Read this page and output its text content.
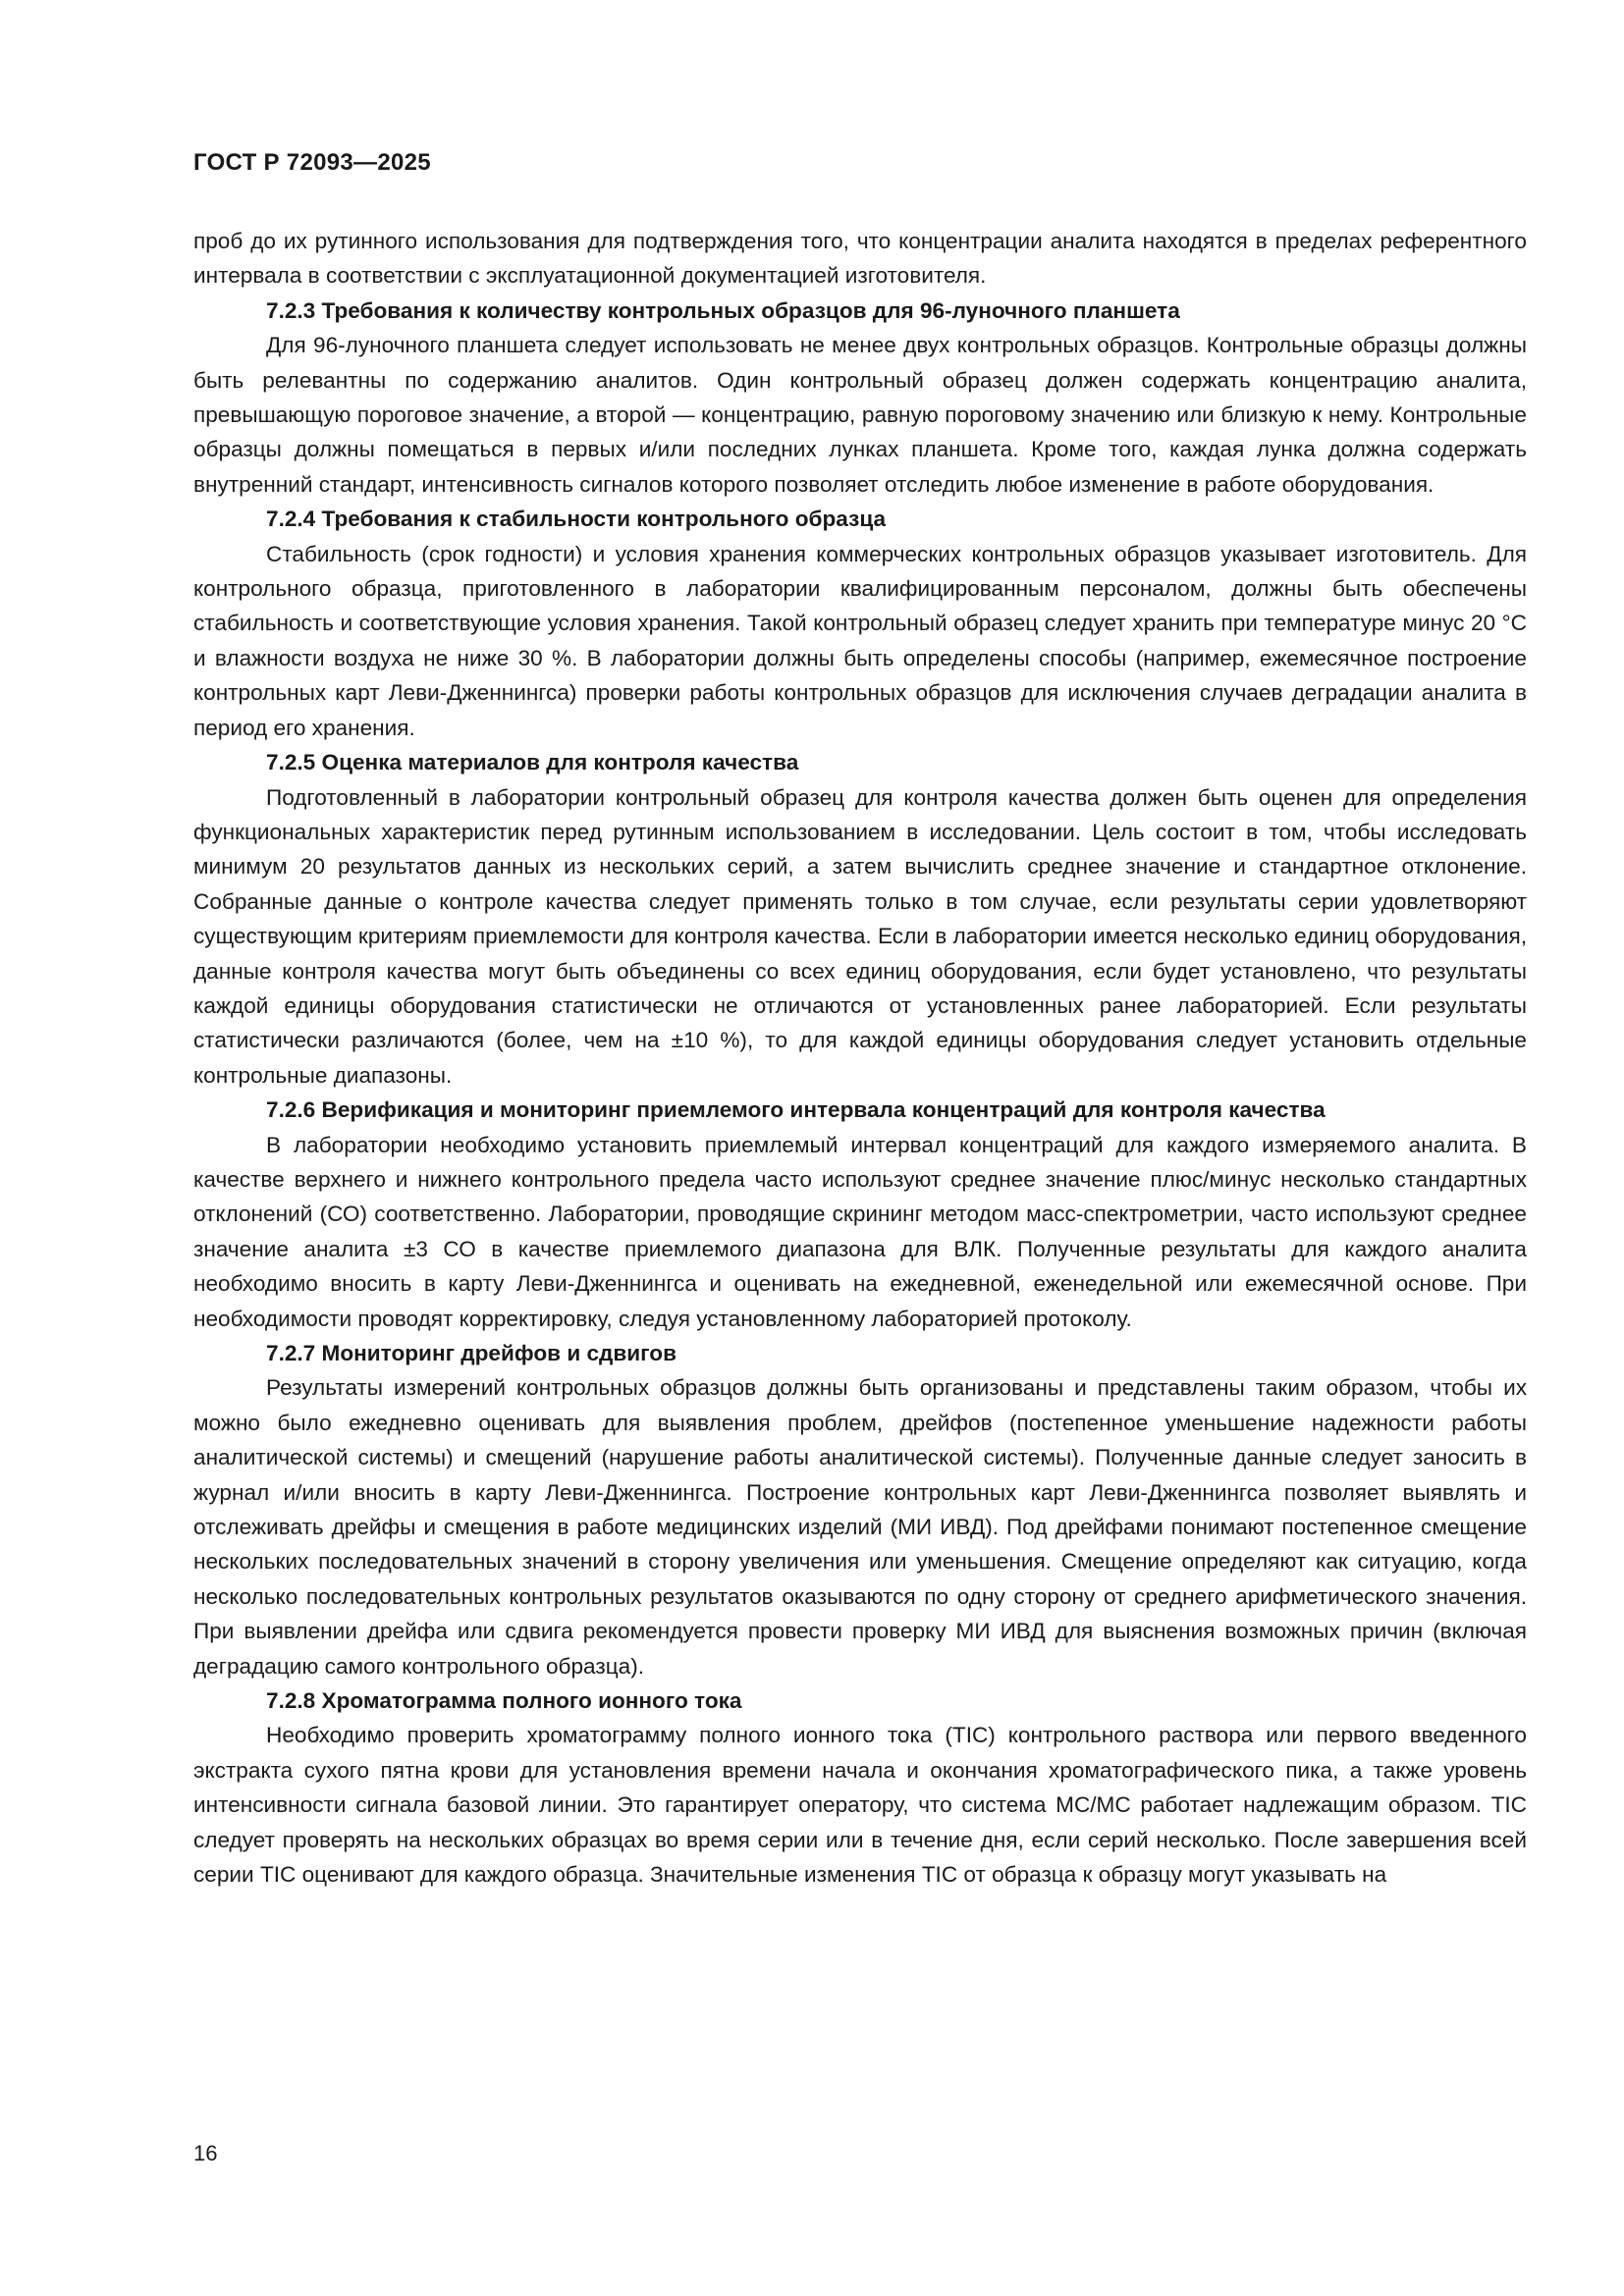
ГОСТ Р 72093—2025

проб до их рутинного использования для подтверждения того, что концентрации аналита находятся в пределах референтного интервала в соответствии с эксплуатационной документацией изготовителя.

7.2.3 Требования к количеству контрольных образцов для 96-луночного планшета

Для 96-луночного планшета следует использовать не менее двух контрольных образцов. Контрольные образцы должны быть релевантны по содержанию аналитов. Один контрольный образец должен содержать концентрацию аналита, превышающую пороговое значение, а второй — концентрацию, равную пороговому значению или близкую к нему. Контрольные образцы должны помещаться в первых и/или последних лунках планшета. Кроме того, каждая лунка должна содержать внутренний стандарт, интенсивность сигналов которого позволяет отследить любое изменение в работе оборудования.

7.2.4 Требования к стабильности контрольного образца

Стабильность (срок годности) и условия хранения коммерческих контрольных образцов указывает изготовитель. Для контрольного образца, приготовленного в лаборатории квалифицированным персоналом, должны быть обеспечены стабильность и соответствующие условия хранения. Такой контрольный образец следует хранить при температуре минус 20 °C и влажности воздуха не ниже 30 %. В лаборатории должны быть определены способы (например, ежемесячное построение контрольных карт Леви-Дженнингса) проверки работы контрольных образцов для исключения случаев деградации аналита в период его хранения.

7.2.5 Оценка материалов для контроля качества

Подготовленный в лаборатории контрольный образец для контроля качества должен быть оценен для определения функциональных характеристик перед рутинным использованием в исследовании. Цель состоит в том, чтобы исследовать минимум 20 результатов данных из нескольких серий, а затем вычислить среднее значение и стандартное отклонение. Собранные данные о контроле качества следует применять только в том случае, если результаты серии удовлетворяют существующим критериям приемлемости для контроля качества. Если в лаборатории имеется несколько единиц оборудования, данные контроля качества могут быть объединены со всех единиц оборудования, если будет установлено, что результаты каждой единицы оборудования статистически не отличаются от установленных ранее лабораторией. Если результаты статистически различаются (более, чем на ±10 %), то для каждой единицы оборудования следует установить отдельные контрольные диапазоны.

7.2.6 Верификация и мониторинг приемлемого интервала концентраций для контроля качества

В лаборатории необходимо установить приемлемый интервал концентраций для каждого измеряемого аналита. В качестве верхнего и нижнего контрольного предела часто используют среднее значение плюс/минус несколько стандартных отклонений (СО) соответственно. Лаборатории, проводящие скрининг методом масс-спектрометрии, часто используют среднее значение аналита ±3 СО в качестве приемлемого диапазона для ВЛК. Полученные результаты для каждого аналита необходимо вносить в карту Леви-Дженнингса и оценивать на ежедневной, еженедельной или ежемесячной основе. При необходимости проводят корректировку, следуя установленному лабораторией протоколу.

7.2.7 Мониторинг дрейфов и сдвигов

Результаты измерений контрольных образцов должны быть организованы и представлены таким образом, чтобы их можно было ежедневно оценивать для выявления проблем, дрейфов (постепенное уменьшение надежности работы аналитической системы) и смещений (нарушение работы аналитической системы). Полученные данные следует заносить в журнал и/или вносить в карту Леви-Дженнингса. Построение контрольных карт Леви-Дженнингса позволяет выявлять и отслеживать дрейфы и смещения в работе медицинских изделий (МИ ИВД). Под дрейфами понимают постепенное смещение нескольких последовательных значений в сторону увеличения или уменьшения. Смещение определяют как ситуацию, когда несколько последовательных контрольных результатов оказываются по одну сторону от среднего арифметического значения. При выявлении дрейфа или сдвига рекомендуется провести проверку МИ ИВД для выяснения возможных причин (включая деградацию самого контрольного образца).

7.2.8 Хроматограмма полного ионного тока

Необходимо проверить хроматограмму полного ионного тока (TIC) контрольного раствора или первого введенного экстракта сухого пятна крови для установления времени начала и окончания хроматографического пика, а также уровень интенсивности сигнала базовой линии. Это гарантирует оператору, что система МС/МС работает надлежащим образом. TIC следует проверять на нескольких образцах во время серии или в течение дня, если серий несколько. После завершения всей серии TIC оценивают для каждого образца. Значительные изменения TIC от образца к образцу могут указывать на

16
